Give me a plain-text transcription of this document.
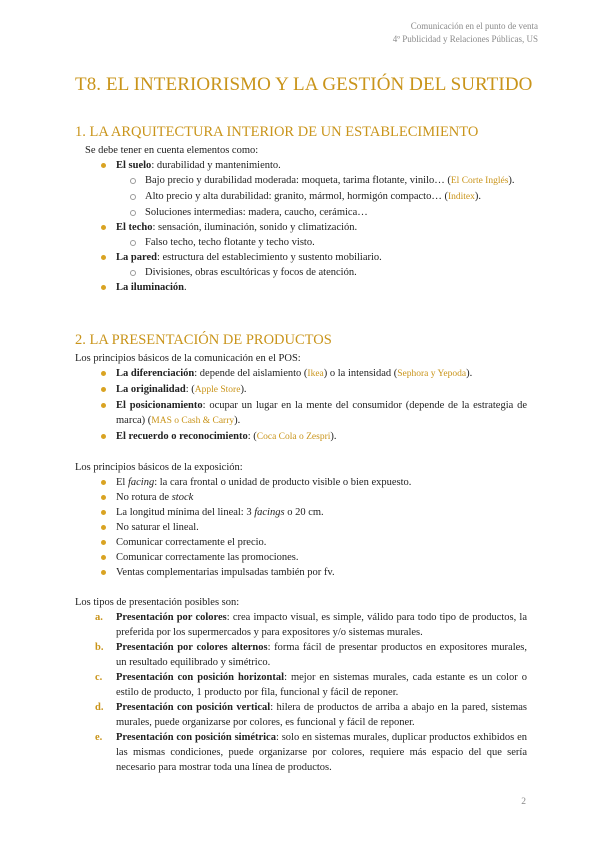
Comunicación en el punto de venta
4º Publicidad y Relaciones Públicas, US
T8. EL INTERIORISMO Y LA GESTIÓN DEL SURTIDO
1. LA ARQUITECTURA INTERIOR DE UN ESTABLECIMIENTO

Se debe tener en cuenta elementos como:

El suelo: durabilidad y mantenimiento.
Bajo precio y durabilidad moderada: moqueta, tarima flotante, vinilo… (El Corte Inglés).
Alto precio y alta durabilidad: granito, mármol, hormigón compacto… (Inditex).
Soluciones intermedias: madera, caucho, cerámica…
El techo: sensación, iluminación, sonido y climatización.
Falso techo, techo flotante y techo visto.
La pared: estructura del establecimiento y sustento mobiliario.
Divisiones, obras escultóricas y focos de atención.
La iluminación.
2. LA PRESENTACIÓN DE PRODUCTOS

Los principios básicos de la comunicación en el POS:

La diferenciación: depende del aislamiento (Ikea) o la intensidad (Sephora y Yepoda).
La originalidad: (Apple Store).
El posicionamiento: ocupar un lugar en la mente del consumidor (depende de la estrategia de marca) (MAS o Cash & Carry).
El recuerdo o reconocimiento: (Coca Cola o Zespri).

Los principios básicos de la exposición:

El facing: la cara frontal o unidad de producto visible o bien expuesto.
No rotura de stock
La longitud mínima del lineal: 3 facings o 20 cm.
No saturar el lineal.
Comunicar correctamente el precio.
Comunicar correctamente las promociones.
Ventas complementarias impulsadas también por fv.

Los tipos de presentación posibles son:

a. Presentación por colores: crea impacto visual, es simple, válido para todo tipo de productos, la preferida por los supermercados y para expositores y/o sistemas murales.
b. Presentación por colores alternos: forma fácil de presentar productos en expositores murales, un resultado equilibrado y simétrico.
c. Presentación con posición horizontal: mejor en sistemas murales, cada estante es un color o estilo de producto, 1 producto por fila, funcional y fácil de reponer.
d. Presentación con posición vertical: hilera de productos de arriba a abajo en la pared, sistemas murales, puede organizarse por colores, es funcional y fácil de reponer.
e. Presentación con posición simétrica: solo en sistemas murales, duplicar productos exhibidos en las mismas condiciones, puede organizarse por colores, requiere más espacio del que sería necesario para mostrar toda una línea de productos.
2
